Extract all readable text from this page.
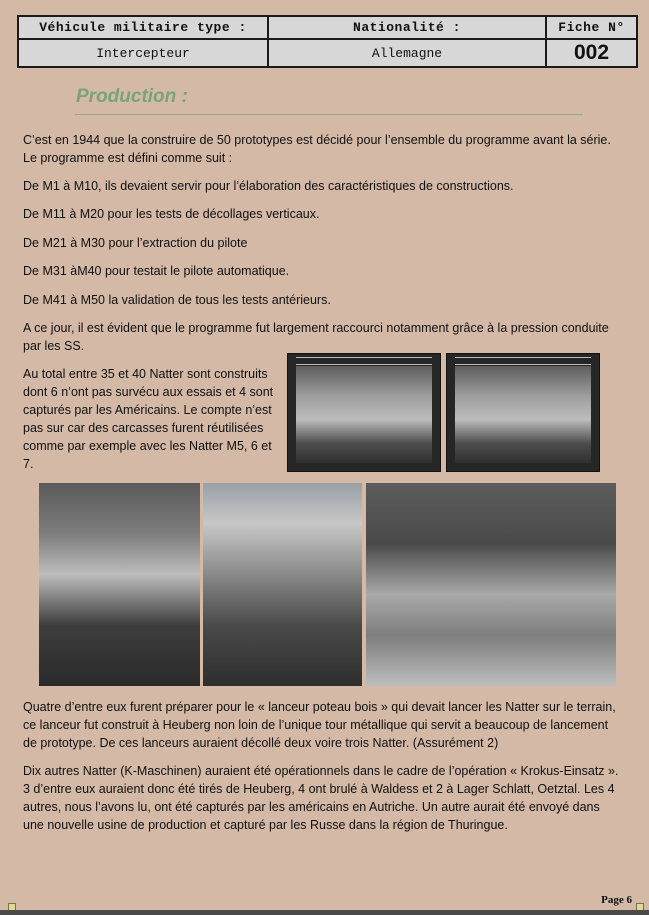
Véhicule militaire type :	Nationalité :	Fiche N°
Intercepteur	Allemagne	002
Production :

C’est en 1944 que la construire de 50 prototypes est décidé pour l’ensemble du programme avant la série. Le programme est défini comme suit :

De M1 à M10, ils devaient servir pour l’élaboration des caractéristiques de constructions.

De M11 à M20 pour les tests de décollages verticaux.

De M21 à M30 pour l’extraction du pilote

De M31 àM40 pour testait le pilote automatique.

De M41 à M50 la validation de tous les tests antérieurs.

A ce jour, il est évident que le programme fut largement raccourci notamment grâce à la pression conduite par les SS.

Au total entre 35 et 40 Natter sont construits dont 6 n’ont pas survécu aux essais et 4 sont capturés par les Américains. Le compte n’est pas sur car des carcasses furent réutilisées comme par exemple avec les Natter M5, 6 et 7.

Quatre d’entre eux furent préparer pour le « lanceur poteau bois » qui devait lancer les Natter sur le terrain, ce lanceur fut construit à Heuberg non loin de l’unique tour métallique qui servit a beaucoup de lancement de prototype. De ces lanceurs auraient décollé deux voire trois Natter. (Assurément 2)

Dix autres Natter (K-Maschinen) auraient été opérationnels dans le cadre de l’opération « Krokus-Einsatz ». 3 d’entre eux auraient donc été tirés de Heuberg, 4 ont brulé à Waldess et 2 à Lager Schlatt, Oetztal. Les 4 autres, nous l’avons lu, ont été capturés par les américains en Autriche. Un autre aurait été envoyé dans une nouvelle usine de production et capturé par les Russe dans la région de Thuringue.

Page 6
